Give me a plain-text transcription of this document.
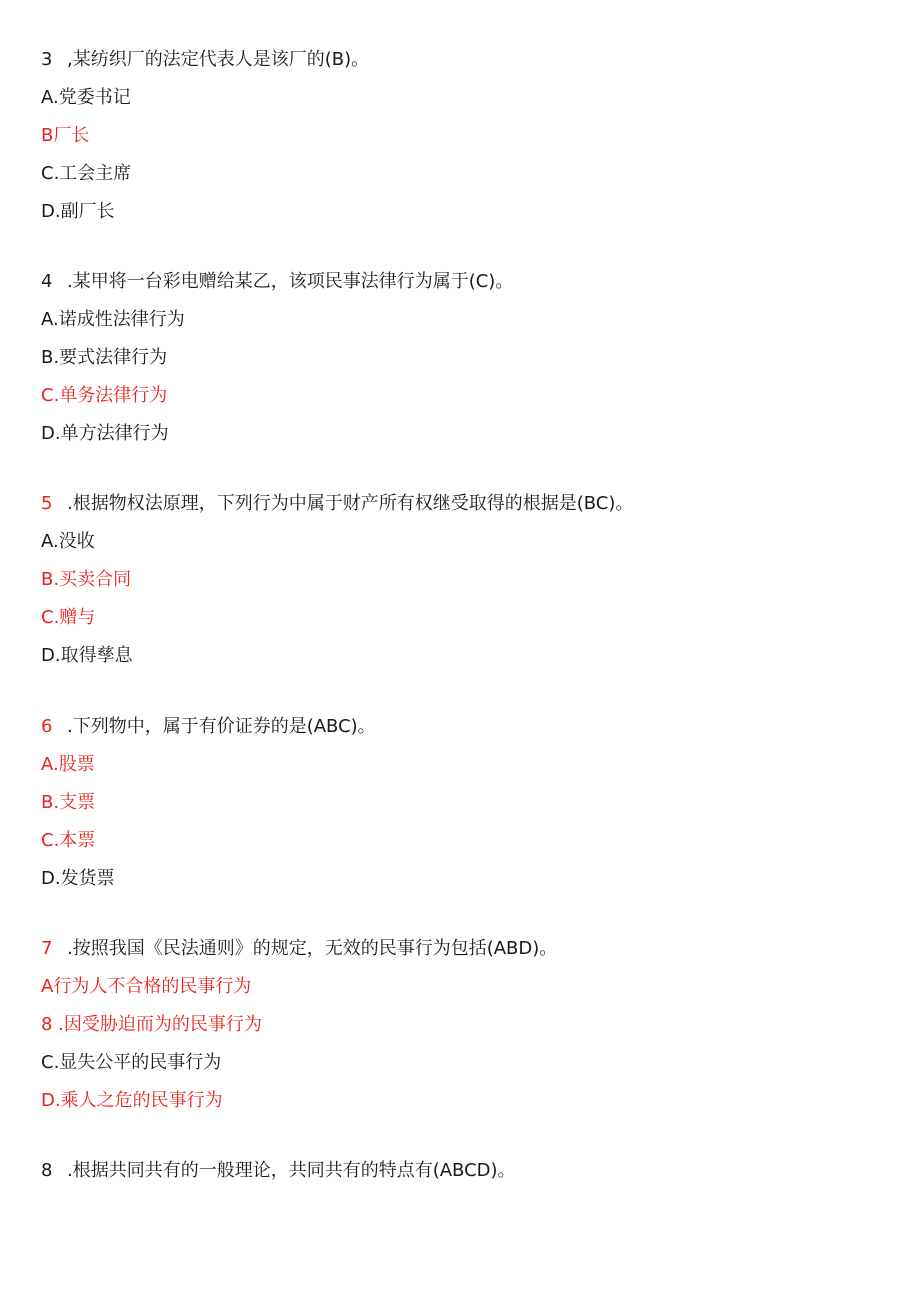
3 ,某纺织厂的法定代表人是该厂的(B)。
A.党委书记
B厂长
C.工会主席
D.副厂长
4 .某甲将一台彩电赠给某乙，该项民事法律行为属于(C)。
A.诺成性法律行为
B.要式法律行为
C.单务法律行为
D.单方法律行为
5 .根据物权法原理，下列行为中属于财产所有权继受取得的根据是(BC)。
A.没收
B.买卖合同
C.赠与
D.取得孳息
6 .下列物中，属于有价证券的是(ABC)。
A.股票
B.支票
C.本票
D.发货票
7 .按照我国《民法通则》的规定，无效的民事行为包括(ABD)。
A行为人不合格的民事行为
8 .因受胁迫而为的民事行为
C.显失公平的民事行为
D.乘人之危的民事行为
8 .根据共同共有的一般理论，共同共有的特点有(ABCD)。
